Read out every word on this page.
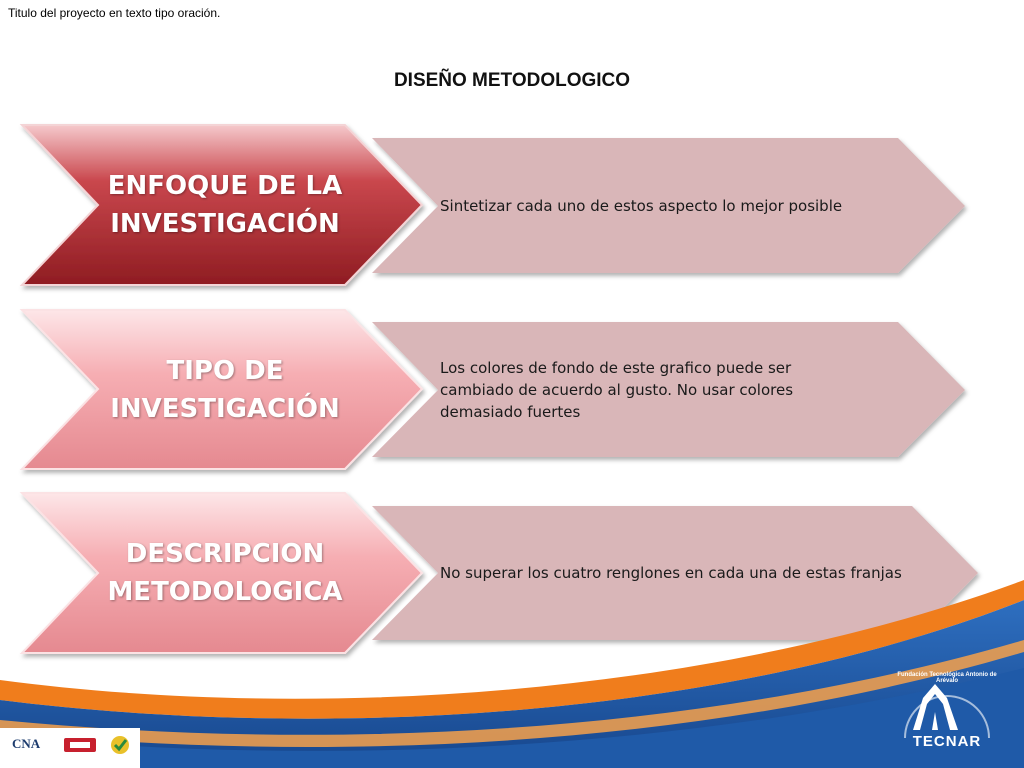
Titulo del proyecto en texto tipo oración.
DISEÑO METODOLOGICO
ENFOQUE DE LA
INVESTIGACIÓN
TIPO DE
INVESTIGACIÓN
DESCRIPCION
METODOLOGICA
Sintetizar cada uno de estos aspecto lo mejor posible
Los colores de fondo de este grafico puede ser cambiado de acuerdo al gusto. No usar colores demasiado fuertes
No superar los cuatro renglones en cada una de estas franjas
CNA	TECNAR
Fundación Tecnológica Antonio de Arévalo
